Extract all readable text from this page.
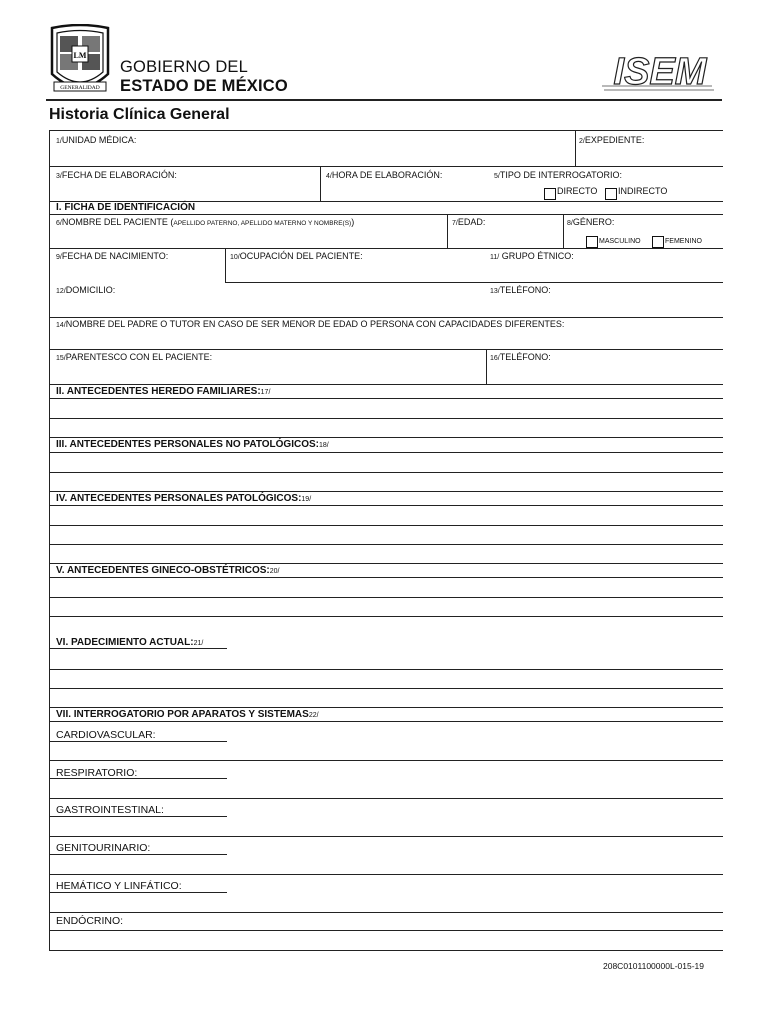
GENERALIDAD
LM
GOBIERNO DEL
ESTADO DE MÉXICO	ISEM
Historia Clínica General
1/UNIDAD MÉDICA:	2/EXPEDIENTE:
3/FECHA DE ELABORACIÓN:	4/HORA DE ELABORACIÓN:	5/TIPO DE INTERROGATORIO:
DIRECTO INDIRECTO
I. FICHA DE IDENTIFICACIÓN
6/NOMBRE DEL PACIENTE (APELLIDO PATERNO, APELLIDO MATERNO Y NOMBRE(S))	7/EDAD:	8/GÉNERO:
MASCULINO	FEMENINO
9/FECHA DE NACIMIENTO:	10/OCUPACIÓN DEL PACIENTE:	11/ GRUPO ÉTNICO:
12/DOMICILIO:	13/TELÉFONO:
14/NOMBRE DEL PADRE O TUTOR EN CASO DE SER MENOR DE EDAD O PERSONA CON CAPACIDADES DIFERENTES:
15/PARENTESCO CON EL PACIENTE:	16/TELÉFONO:
II. ANTECEDENTES HEREDO FAMILIARES:17/
III. ANTECEDENTES PERSONALES NO PATOLÓGICOS:18/
IV. ANTECEDENTES PERSONALES PATOLÓGICOS:19/
V. ANTECEDENTES GINECO-OBSTÉTRICOS:20/
VI. PADECIMIENTO ACTUAL:21/
VII. INTERROGATORIO POR APARATOS Y SISTEMAS22/
CARDIOVASCULAR:
RESPIRATORIO:
GASTROINTESTINAL:
GENITOURINARIO:
HEMÁTICO Y LINFÁTICO:
ENDÓCRINO:
208C0101100000L-015-19
